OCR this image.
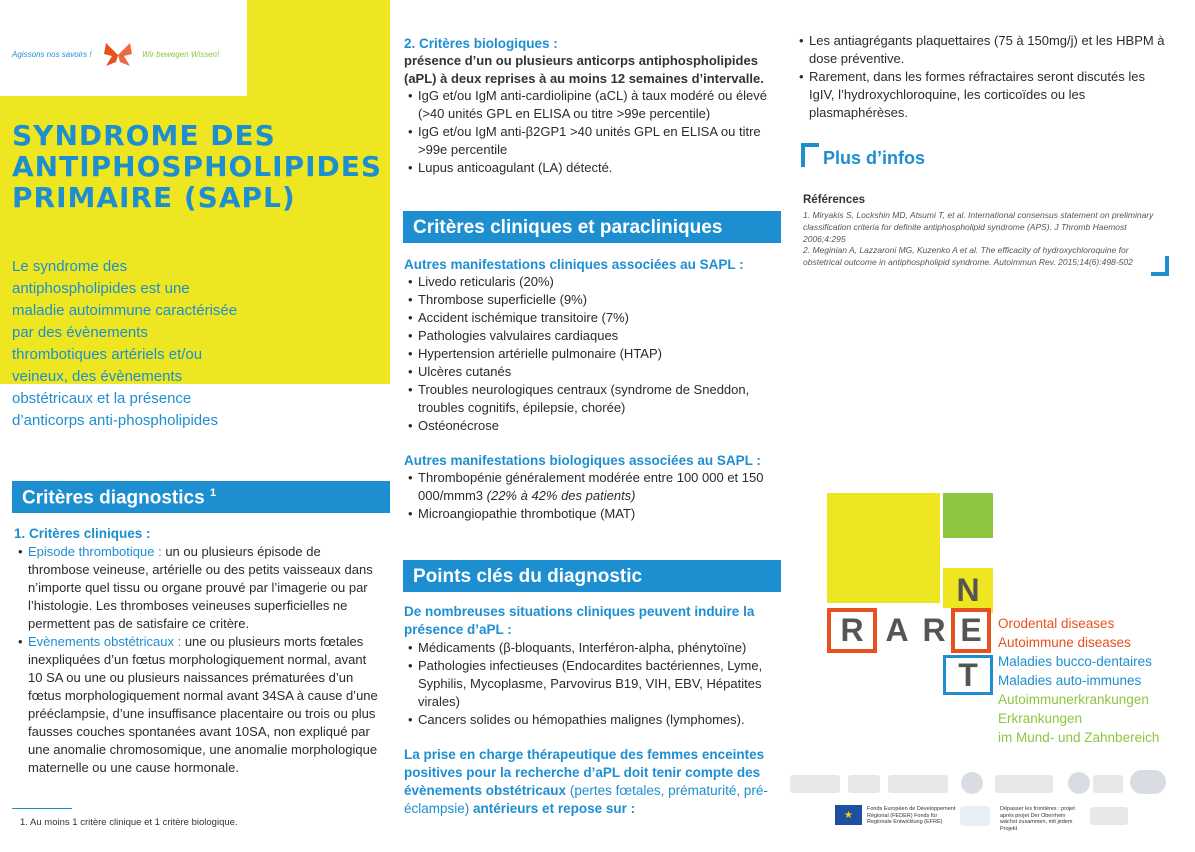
Agissons nos savoirs !	Wir bewegen Wissen!
SYNDROME DES
ANTIPHOSPHOLIPIDES
PRIMAIRE (SAPL)
Le syndrome des antiphospholipides est une maladie autoimmune caractérisée par des évènements thrombotiques artériels et/ou veineux, des évènements obstétricaux et la présence d’anticorps anti-phospholipides
Critères diagnostics $^1$
1. Critères cliniques :
• Episode thrombotique : un ou plusieurs épisode de thrombose veineuse, artérielle ou des petits vaisseaux dans n’importe quel tissu ou organe prouvé par l’imagerie ou par l’histologie. Les thromboses veineuses superficielles ne permettent pas de satisfaire ce critère.
• Evènements obstétricaux : une ou plusieurs morts fœtales inexpliquées d’un fœtus morphologiquement normal, avant 10 SA ou une ou plusieurs naissances prématurées d’un fœtus morphologiquement normal avant 34SA à cause d’une prééclampsie, d’une insuffisance placentaire ou trois ou plus fausses couches spontanées avant 10SA, non expliqué par une anomalie chromosomique, une anomalie morphologique maternelle ou une cause hormonale.
1. Au moins 1 critère clinique et 1 critère biologique.
2. Critères biologiques :
présence d’un ou plusieurs anticorps antiphospholipides (aPL) à deux reprises à au moins 12 semaines d’intervalle.
• IgG et/ou IgM anti-cardiolipine (aCL) à taux modéré ou élevé (>40 unités GPL en ELISA ou titre >99e percentile)
• IgG et/ou IgM anti-β2GP1 >40 unités GPL en ELISA ou titre >99e percentile
• Lupus anticoagulant (LA) détecté.
Critères cliniques et paracliniques
Autres manifestations cliniques associées au SAPL :
• Livedo reticularis (20%)
• Thrombose superficielle (9%)
• Accident ischémique transitoire (7%)
• Pathologies valvulaires cardiaques
• Hypertension artérielle pulmonaire (HTAP)
• Ulcères cutanés
• Troubles neurologiques centraux (syndrome de Sneddon, troubles cognitifs, épilepsie, chorée)
• Ostéonécrose
Autres manifestations biologiques associées au SAPL :
• Thrombopénie généralement modérée entre 100 000 et 150 000/mmm3 (22% à 42% des patients)
• Microangiopathie thrombotique (MAT)
Points clés du diagnostic
De nombreuses situations cliniques peuvent induire la présence d’aPL :
• Médicaments (β-bloquants, Interféron-alpha, phénytoïne)
• Pathologies infectieuses (Endocardites bactériennes, Lyme, Syphilis, Mycoplasme, Parvovirus B19, VIH, EBV, Hépatites virales)
• Cancers solides ou hémopathies malignes (lymphomes).
La prise en charge thérapeutique des femmes enceintes positives pour la recherche d’aPL doit tenir compte des évènements obstétricaux (pertes fœtales, prématurité, pré-éclampsie) antérieurs et repose sur :
• Les antiagrégants plaquettaires (75 à 150mg/j) et les HBPM à dose préventive.
• Rarement, dans les formes réfractaires seront discutés les IgIV, l’hydroxychloroquine, les corticoïdes ou les plasmaphérèses.
Plus d’infos
Références
1. Miryakis S, Lockshin MD, Atsumi T, et al. International consensus statement on preliminary classification criteria for definite antiphospholipid syndrome (APS). J Thromb Haemost 2006;4:295
2. Meginian A, Lazzaroni MG, Kuzenko A et al. The efficacity of hydroxychloroquine for obstetrical outcome in antiphospholipid syndrome. Autoimmun Rev. 2015;14(6):498-502
N
R A R E
T
Orodental diseases
Autoimmune diseases
Maladies bucco-dentaires
Maladies auto-immunes
Autoimmunerkrankungen
Erkrankungen
im Mund- und Zahnbereich
★
Fonds Européen de Développement Régional (FEDER) Fonds für Regionale Entwicklung (EFRE)
Dépasser les frontières : projet après projet Der Oberrhein wächst zusammen, mit jedem Projekt
